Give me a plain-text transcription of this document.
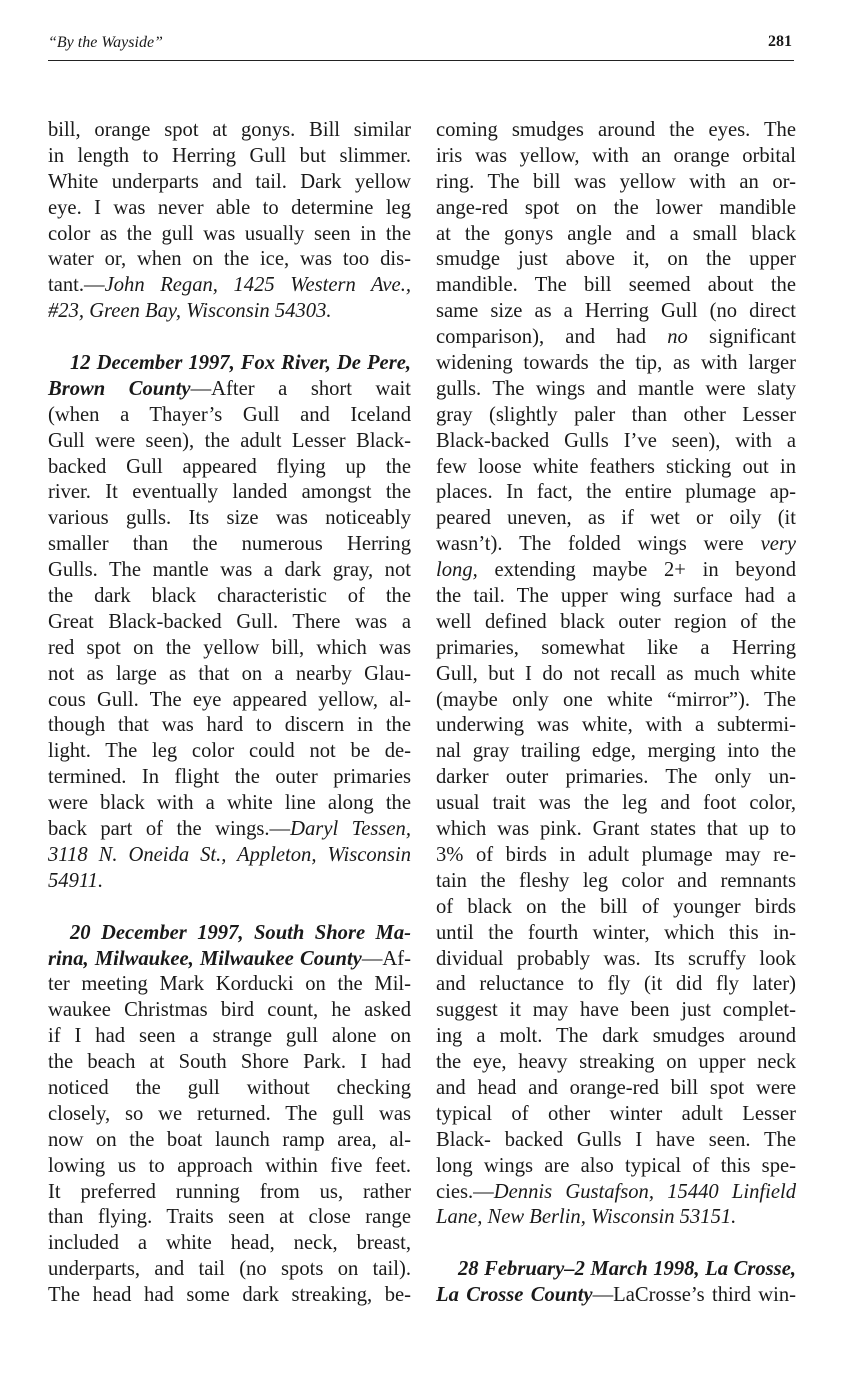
“By the Wayside”	281
bill, orange spot at gonys. Bill similar
in length to Herring Gull but slimmer.
White underparts and tail. Dark yellow
eye. I was never able to determine leg
color as the gull was usually seen in the
water or, when on the ice, was too dis-
tant.—John Regan, 1425 Western Ave.,
#23, Green Bay, Wisconsin 54303.
12 December 1997, Fox River, De Pere,
Brown County—After a short wait
(when a Thayer’s Gull and Iceland
Gull were seen), the adult Lesser Black-
backed Gull appeared flying up the
river. It eventually landed amongst the
various gulls. Its size was noticeably
smaller than the numerous Herring
Gulls. The mantle was a dark gray, not
the dark black characteristic of the
Great Black-backed Gull. There was a
red spot on the yellow bill, which was
not as large as that on a nearby Glau-
cous Gull. The eye appeared yellow, al-
though that was hard to discern in the
light. The leg color could not be de-
termined. In flight the outer primaries
were black with a white line along the
back part of the wings.—Daryl Tessen,
3118 N. Oneida St., Appleton, Wisconsin
54911.
20 December 1997, South Shore Ma-
rina, Milwaukee, Milwaukee County—Af-
ter meeting Mark Korducki on the Mil-
waukee Christmas bird count, he asked
if I had seen a strange gull alone on
the beach at South Shore Park. I had
noticed the gull without checking
closely, so we returned. The gull was
now on the boat launch ramp area, al-
lowing us to approach within five feet.
It preferred running from us, rather
than flying. Traits seen at close range
included a white head, neck, breast,
underparts, and tail (no spots on tail).
The head had some dark streaking, be-
coming smudges around the eyes. The
iris was yellow, with an orange orbital
ring. The bill was yellow with an or-
ange-red spot on the lower mandible
at the gonys angle and a small black
smudge just above it, on the upper
mandible. The bill seemed about the
same size as a Herring Gull (no direct
comparison), and had no significant
widening towards the tip, as with larger
gulls. The wings and mantle were slaty
gray (slightly paler than other Lesser
Black-backed Gulls I’ve seen), with a
few loose white feathers sticking out in
places. In fact, the entire plumage ap-
peared uneven, as if wet or oily (it
wasn’t). The folded wings were very
long, extending maybe 2+ in beyond
the tail. The upper wing surface had a
well defined black outer region of the
primaries, somewhat like a Herring
Gull, but I do not recall as much white
(maybe only one white “mirror”). The
underwing was white, with a subtermi-
nal gray trailing edge, merging into the
darker outer primaries. The only un-
usual trait was the leg and foot color,
which was pink. Grant states that up to
3% of birds in adult plumage may re-
tain the fleshy leg color and remnants
of black on the bill of younger birds
until the fourth winter, which this in-
dividual probably was. Its scruffy look
and reluctance to fly (it did fly later)
suggest it may have been just complet-
ing a molt. The dark smudges around
the eye, heavy streaking on upper neck
and head and orange-red bill spot were
typical of other winter adult Lesser
Black- backed Gulls I have seen. The
long wings are also typical of this spe-
cies.—Dennis Gustafson, 15440 Linfield
Lane, New Berlin, Wisconsin 53151.
28 February–2 March 1998, La Crosse,
La Crosse County—LaCrosse’s third win-
